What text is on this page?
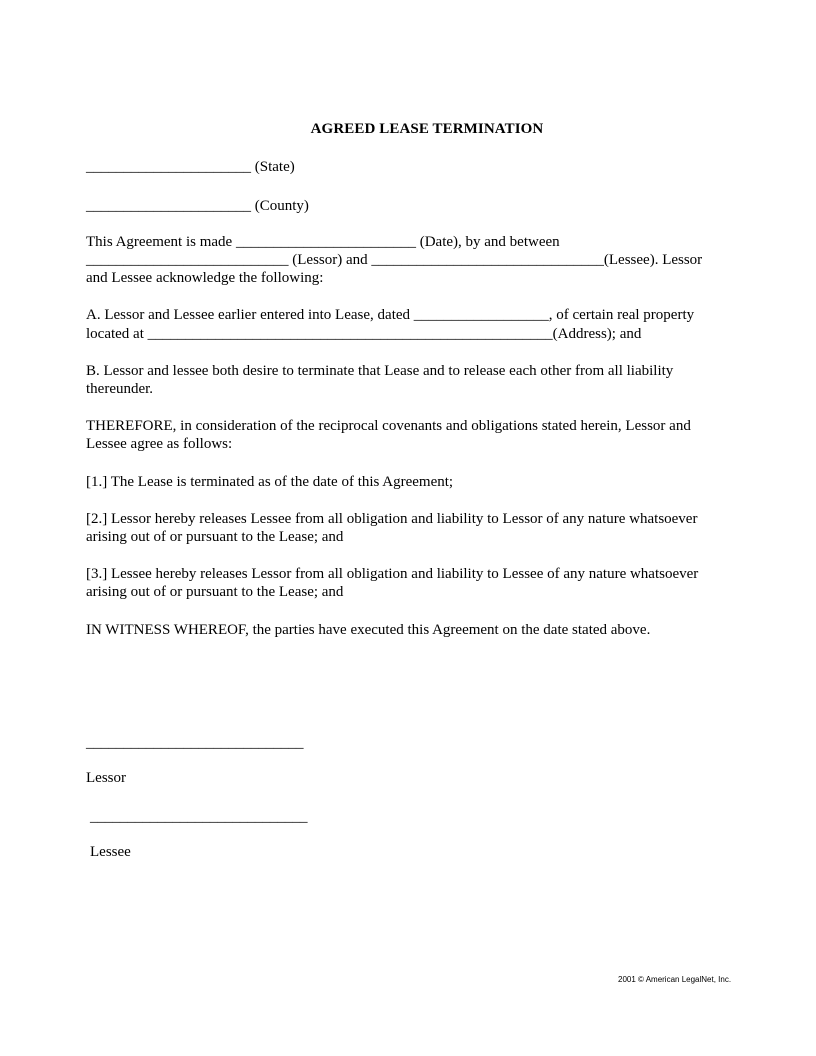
AGREED LEASE TERMINATION
______________________ (State)
______________________ (County)
This Agreement is made ________________________ (Date), by and between
___________________________ (Lessor) and _______________________________(Lessee). Lessor
and Lessee acknowledge the following:
A. Lessor and Lessee earlier entered into Lease, dated __________________, of certain real property
located at ______________________________________________________(Address); and
B. Lessor and lessee both desire to terminate that Lease and to release each other from all liability
thereunder.
THEREFORE, in consideration of the reciprocal covenants and obligations stated herein, Lessor and
Lessee agree as follows:
[1.] The Lease is terminated as of the date of this Agreement;
[2.] Lessor hereby releases Lessee from all obligation and liability to Lessor of any nature whatsoever
arising out of or pursuant to the Lease; and
[3.] Lessee hereby releases Lessor from all obligation and liability to Lessee of any nature whatsoever
arising out of or pursuant to the Lease; and
IN WITNESS WHEREOF, the parties have executed this Agreement on the date stated above.
_____________________________
Lessor
_____________________________
Lessee
2001 © American LegalNet, Inc.
